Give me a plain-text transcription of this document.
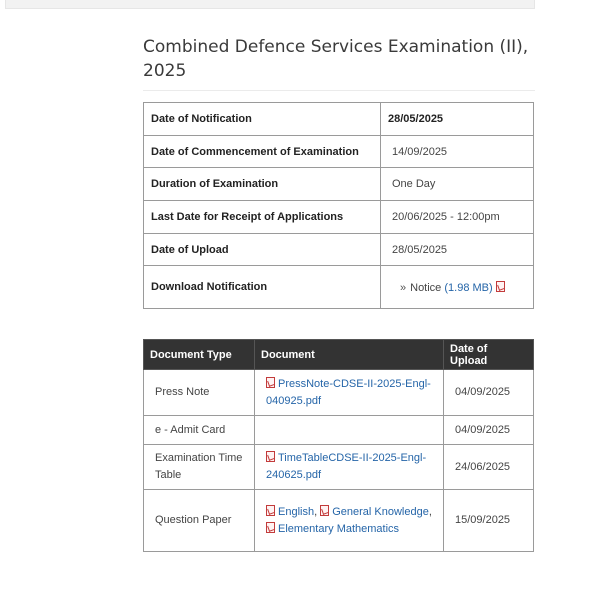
Combined Defence Services Examination (II), 2025
Date of Notification	28/05/2025
Date of Commencement of Examination	14/09/2025
Duration of Examination	One Day
Last Date for Receipt of Applications	20/06/2025 - 12:00pm
Date of Upload	28/05/2025
Download Notification	» Notice (1.98 MB)
Document Type	Document	Date of Upload
Press Note	PressNote-CDSE-II-2025-Engl-040925.pdf	04/09/2025
e - Admit Card		04/09/2025
Examination Time Table	TimeTableCDSE-II-2025-Engl-240625.pdf	24/06/2025
Question Paper	English, General Knowledge, Elementary Mathematics	15/09/2025
